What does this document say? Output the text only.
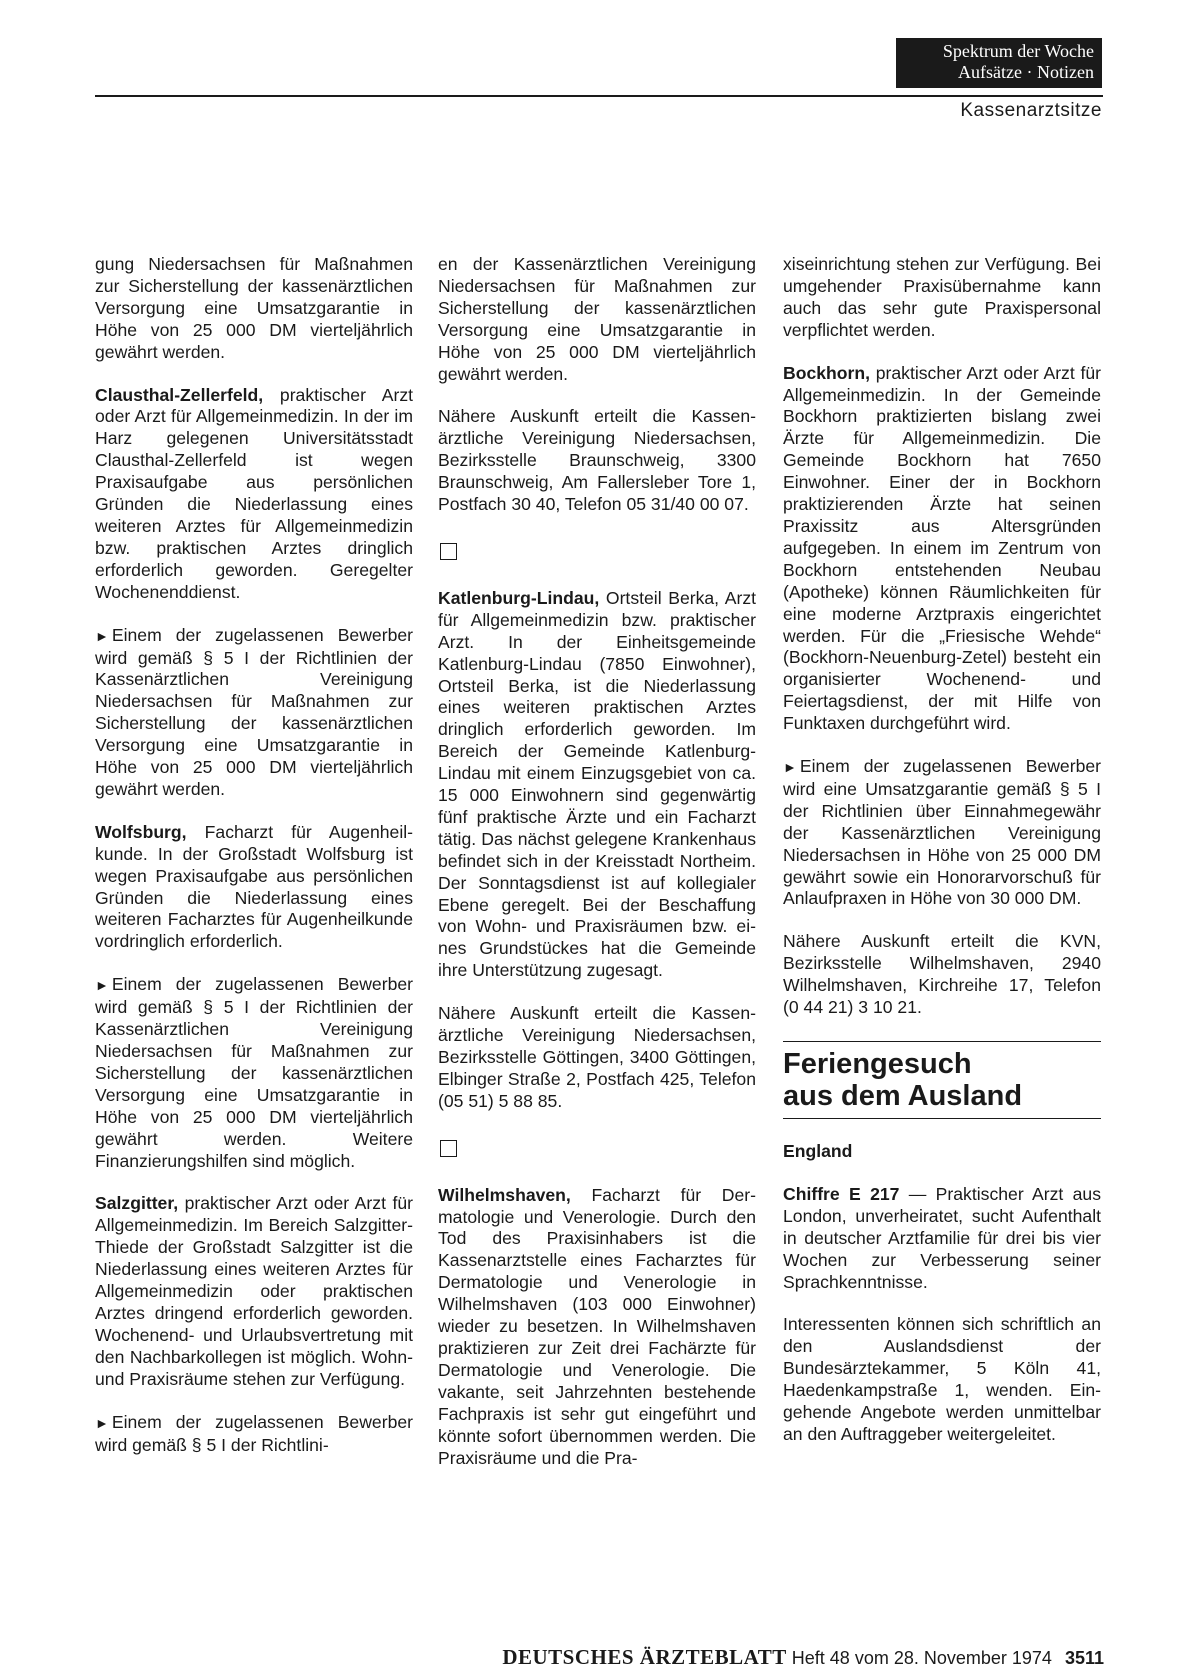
Spektrum der Woche
Aufsätze · Notizen
Kassenarztsitze

gung Niedersachsen für Maßnahmen zur Sicherstellung der kassenärztlichen Versorgung eine Umsatzgarantie in Höhe von 25 000 DM vierteljährlich gewährt werden.

Clausthal-Zellerfeld, praktischer Arzt oder Arzt für Allgemeinmedizin. In der im Harz gelegenen Universitätsstadt Clausthal-Zellerfeld ist wegen Praxisaufgabe aus persönlichen Gründen die Niederlassung eines weiteren Arztes für Allgemeinmedizin bzw. praktischen Arztes dringlich erforderlich geworden. Geregelter Wochenenddienst.

► Einem der zugelassenen Bewerber wird gemäß § 5 I der Richtlinien der Kassenärztlichen Vereinigung Niedersachsen für Maßnahmen zur Sicherstellung der kassenärztlichen Versorgung eine Umsatzgarantie in Höhe von 25 000 DM vierteljährlich gewährt werden.

Wolfsburg, Facharzt für Augenheilkunde. In der Großstadt Wolfsburg ist wegen Praxisaufgabe aus persönlichen Gründen die Niederlassung eines weiteren Facharztes für Augenheilkunde vordringlich erforderlich.

► Einem der zugelassenen Bewerber wird gemäß § 5 I der Richtlinien der Kassenärztlichen Vereinigung Niedersachsen für Maßnahmen zur Sicherstellung der kassenärztlichen Versorgung eine Umsatzgarantie in Höhe von 25 000 DM vierteljährlich gewährt werden. Weitere Finanzierungshilfen sind möglich.

Salzgitter, praktischer Arzt oder Arzt für Allgemeinmedizin. Im Bereich Salzgitter-Thiede der Großstadt Salzgitter ist die Niederlassung eines weiteren Arztes für Allgemeinmedizin oder praktischen Arztes dringend erforderlich geworden. Wochenend- und Urlaubsvertretung mit den Nachbarkollegen ist möglich. Wohn- und Praxisräume stehen zur Verfügung.

► Einem der zugelassenen Bewerber wird gemäß § 5 I der Richtlini-

en der Kassenärztlichen Vereinigung Niedersachsen für Maßnahmen zur Sicherstellung der kassenärztlichen Versorgung eine Umsatzgarantie in Höhe von 25 000 DM vierteljährlich gewährt werden.

Nähere Auskunft erteilt die Kassenärztliche Vereinigung Niedersachsen, Bezirksstelle Braunschweig, 3300 Braunschweig, Am Fallersleber Tore 1, Postfach 30 40, Telefon 05 31/40 00 07.

Katlenburg-Lindau, Ortsteil Berka, Arzt für Allgemeinmedizin bzw. praktischer Arzt. In der Einheitsgemeinde Katlenburg-Lindau (7850 Einwohner), Ortsteil Berka, ist die Niederlassung eines weiteren praktischen Arztes dringlich erforderlich geworden. Im Bereich der Gemeinde Katlenburg-Lindau mit einem Einzugsgebiet von ca. 15 000 Einwohnern sind gegenwärtig fünf praktische Ärzte und ein Facharzt tätig. Das nächst gelegene Krankenhaus befindet sich in der Kreisstadt Northeim. Der Sonntagsdienst ist auf kollegialer Ebene geregelt. Bei der Beschaffung von Wohn- und Praxisräumen bzw. eines Grundstückes hat die Gemeinde ihre Unterstützung zugesagt.

Nähere Auskunft erteilt die Kassenärztliche Vereinigung Niedersachsen, Bezirksstelle Göttingen, 3400 Göttingen, Elbinger Straße 2, Postfach 425, Telefon (05 51) 5 88 85.

Wilhelmshaven, Facharzt für Dermatologie und Venerologie. Durch den Tod des Praxisinhabers ist die Kassenarztstelle eines Facharztes für Dermatologie und Venerologie in Wilhelmshaven (103 000 Einwohner) wieder zu besetzen. In Wilhelmshaven praktizieren zur Zeit drei Fachärzte für Dermatologie und Venerologie. Die vakante, seit Jahrzehnten bestehende Fachpraxis ist sehr gut eingeführt und könnte sofort übernommen werden. Die Praxisräume und die Pra-

xiseinrichtung stehen zur Verfügung. Bei umgehender Praxisübernahme kann auch das sehr gute Praxispersonal verpflichtet werden.

Bockhorn, praktischer Arzt oder Arzt für Allgemeinmedizin. In der Gemeinde Bockhorn praktizierten bislang zwei Ärzte für Allgemeinmedizin. Die Gemeinde Bockhorn hat 7650 Einwohner. Einer der in Bockhorn praktizierenden Ärzte hat seinen Praxissitz aus Altersgründen aufgegeben. In einem im Zentrum von Bockhorn entstehenden Neubau (Apotheke) können Räumlichkeiten für eine moderne Arztpraxis eingerichtet werden. Für die „Friesische Wehde“ (Bockhorn-Neuenburg-Zetel) besteht ein organisierter Wochenend- und Feiertagsdienst, der mit Hilfe von Funktaxen durchgeführt wird.

► Einem der zugelassenen Bewerber wird eine Umsatzgarantie gemäß § 5 I der Richtlinien über Einnahmegewähr der Kassenärztlichen Vereinigung Niedersachsen in Höhe von 25 000 DM gewährt sowie ein Honorarvorschuß für Anlaufpraxen in Höhe von 30 000 DM.

Nähere Auskunft erteilt die KVN, Bezirksstelle Wilhelmshaven, 2940 Wilhelmshaven, Kirchreihe 17, Telefon (0 44 21) 3 10 21.

Feriengesuch
aus dem Ausland
England

Chiffre E 217 — Praktischer Arzt aus London, unverheiratet, sucht Aufenthalt in deutscher Arztfamilie für drei bis vier Wochen zur Verbesserung seiner Sprachkenntnisse.

Interessenten können sich schriftlich an den Auslandsdienst der Bundesärztekammer, 5 Köln 41, Haedenkampstraße 1, wenden. Eingehende Angebote werden unmittelbar an den Auftraggeber weitergeleitet.

DEUTSCHES ÄRZTEBLATT Heft 48 vom 28. November 1974 3511
